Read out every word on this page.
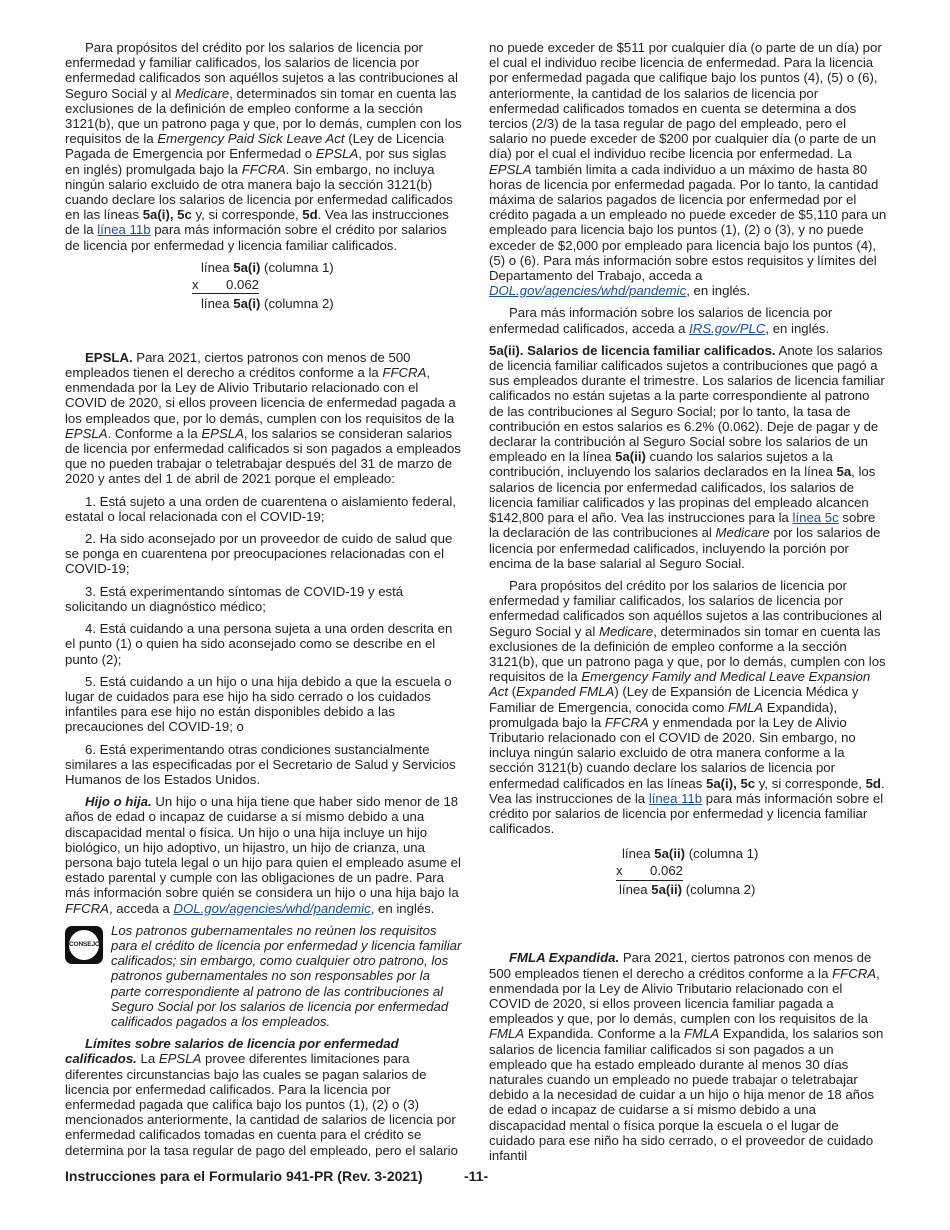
Para propósitos del crédito por los salarios de licencia por enfermedad y familiar calificados, los salarios de licencia por enfermedad calificados son aquéllos sujetos a las contribuciones al Seguro Social y al Medicare, determinados sin tomar en cuenta las exclusiones de la definición de empleo conforme a la sección 3121(b), que un patrono paga y que, por lo demás, cumplen con los requisitos de la Emergency Paid Sick Leave Act (Ley de Licencia Pagada de Emergencia por Enfermedad o EPSLA, por sus siglas en inglés) promulgada bajo la FFCRA. Sin embargo, no incluya ningún salario excluido de otra manera bajo la sección 3121(b) cuando declare los salarios de licencia por enfermedad calificados en las líneas 5a(i), 5c y, si corresponde, 5d. Vea las instrucciones de la línea 11b para más información sobre el crédito por salarios de licencia por enfermedad y licencia familiar calificados.

línea 5a(i) (columna 1)
x 0.062
línea 5a(i) (columna 2)

EPSLA. Para 2021, ciertos patronos con menos de 500 empleados tienen el derecho a créditos conforme a la FFCRA, enmendada por la Ley de Alivio Tributario relacionado con el COVID de 2020, si ellos proveen licencia de enfermedad pagada a los empleados que, por lo demás, cumplen con los requisitos de la EPSLA. Conforme a la EPSLA, los salarios se consideran salarios de licencia por enfermedad calificados si son pagados a empleados que no pueden trabajar o teletrabajar después del 31 de marzo de 2020 y antes del 1 de abril de 2021 porque el empleado:

1. Está sujeto a una orden de cuarentena o aislamiento federal, estatal o local relacionada con el COVID-19;

2. Ha sido aconsejado por un proveedor de cuido de salud que se ponga en cuarentena por preocupaciones relacionadas con el COVID-19;

3. Está experimentando síntomas de COVID-19 y está solicitando un diagnóstico médico;

4. Está cuidando a una persona sujeta a una orden descrita en el punto (1) o quien ha sido aconsejado como se describe en el punto (2);

5. Está cuidando a un hijo o una hija debido a que la escuela o lugar de cuidados para ese hijo ha sido cerrado o los cuidados infantiles para ese hijo no están disponibles debido a las precauciones del COVID-19; o

6. Está experimentando otras condiciones sustancialmente similares a las especificadas por el Secretario de Salud y Servicios Humanos de los Estados Unidos.

Hijo o hija. Un hijo o una hija tiene que haber sido menor de 18 años de edad o incapaz de cuidarse a sí mismo debido a una discapacidad mental o física. Un hijo o una hija incluye un hijo biológico, un hijo adoptivo, un hijastro, un hijo de crianza, una persona bajo tutela legal o un hijo para quien el empleado asume el estado parental y cumple con las obligaciones de un padre. Para más información sobre quién se considera un hijo o una hija bajo la FFCRA, acceda a DOL.gov/agencies/whd/pandemic, en inglés.

CONSEJO

Los patronos gubernamentales no reúnen los requisitos para el crédito de licencia por enfermedad y licencia familiar calificados; sin embargo, como cualquier otro patrono, los patronos gubernamentales no son responsables por la parte correspondiente al patrono de las contribuciones al Seguro Social por los salarios de licencia por enfermedad calificados pagados a los empleados.

Límites sobre salarios de licencia por enfermedad calificados. La EPSLA provee diferentes limitaciones para diferentes circunstancias bajo las cuales se pagan salarios de licencia por enfermedad calificados. Para la licencia por enfermedad pagada que califica bajo los puntos (1), (2) o (3) mencionados anteriormente, la cantidad de salarios de licencia por enfermedad calificados tomadas en cuenta para el crédito se determina por la tasa regular de pago del empleado, pero el salario

no puede exceder de $511 por cualquier día (o parte de un día) por el cual el individuo recibe licencia de enfermedad. Para la licencia por enfermedad pagada que califique bajo los puntos (4), (5) o (6), anteriormente, la cantidad de los salarios de licencia por enfermedad calificados tomados en cuenta se determina a dos tercios (2/3) de la tasa regular de pago del empleado, pero el salario no puede exceder de $200 por cualquier día (o parte de un día) por el cual el individuo recibe licencia por enfermedad. La EPSLA también limita a cada individuo a un máximo de hasta 80 horas de licencia por enfermedad pagada. Por lo tanto, la cantidad máxima de salarios pagados de licencia por enfermedad por el crédito pagada a un empleado no puede exceder de $5,110 para un empleado para licencia bajo los puntos (1), (2) o (3), y no puede exceder de $2,000 por empleado para licencia bajo los puntos (4), (5) o (6). Para más información sobre estos requisitos y límites del Departamento del Trabajo, acceda a DOL.gov/agencies/whd/pandemic, en inglés.

Para más información sobre los salarios de licencia por enfermedad calificados, acceda a IRS.gov/PLC, en inglés.

5a(ii). Salarios de licencia familiar calificados. Anote los salarios de licencia familiar calificados sujetos a contribuciones que pagó a sus empleados durante el trimestre. Los salarios de licencia familiar calificados no están sujetas a la parte correspondiente al patrono de las contribuciones al Seguro Social; por lo tanto, la tasa de contribución en estos salarios es 6.2% (0.062). Deje de pagar y de declarar la contribución al Seguro Social sobre los salarios de un empleado en la línea 5a(ii) cuando los salarios sujetos a la contribución, incluyendo los salarios declarados en la línea 5a, los salarios de licencia por enfermedad calificados, los salarios de licencia familiar calificados y las propinas del empleado alcancen $142,800 para el año. Vea las instrucciones para la línea 5c sobre la declaración de las contribuciones al Medicare por los salarios de licencia por enfermedad calificados, incluyendo la porción por encima de la base salarial al Seguro Social.

Para propósitos del crédito por los salarios de licencia por enfermedad y familiar calificados, los salarios de licencia por enfermedad calificados son aquéllos sujetos a las contribuciones al Seguro Social y al Medicare, determinados sin tomar en cuenta las exclusiones de la definición de empleo conforme a la sección 3121(b), que un patrono paga y que, por lo demás, cumplen con los requisitos de la Emergency Family and Medical Leave Expansion Act (Expanded FMLA) (Ley de Expansión de Licencia Médica y Familiar de Emergencia, conocida como FMLA Expandida), promulgada bajo la FFCRA y enmendada por la Ley de Alivio Tributario relacionado con el COVID de 2020. Sin embargo, no incluya ningún salario excluido de otra manera conforme a la sección 3121(b) cuando declare los salarios de licencia por enfermedad calificados en las líneas 5a(i), 5c y, si corresponde, 5d. Vea las instrucciones de la línea 11b para más información sobre el crédito por salarios de licencia por enfermedad y licencia familiar calificados.

línea 5a(ii) (columna 1)
x 0.062
línea 5a(ii) (columna 2)

FMLA Expandida. Para 2021, ciertos patronos con menos de 500 empleados tienen el derecho a créditos conforme a la FFCRA, enmendada por la Ley de Alivio Tributario relacionado con el COVID de 2020, si ellos proveen licencia familiar pagada a empleados y que, por lo demás, cumplen con los requisitos de la FMLA Expandida. Conforme a la FMLA Expandida, los salarios son salarios de licencia familiar calificados si son pagados a un empleado que ha estado empleado durante al menos 30 días naturales cuando un empleado no puede trabajar o teletrabajar debido a la necesidad de cuidar a un hijo o hija menor de 18 años de edad o incapaz de cuidarse a sí mismo debido a una discapacidad mental o física porque la escuela o el lugar de cuidado para ese niño ha sido cerrado, o el proveedor de cuidado infantil

Instrucciones para el Formulario 941-PR (Rev. 3-2021)	-11-
